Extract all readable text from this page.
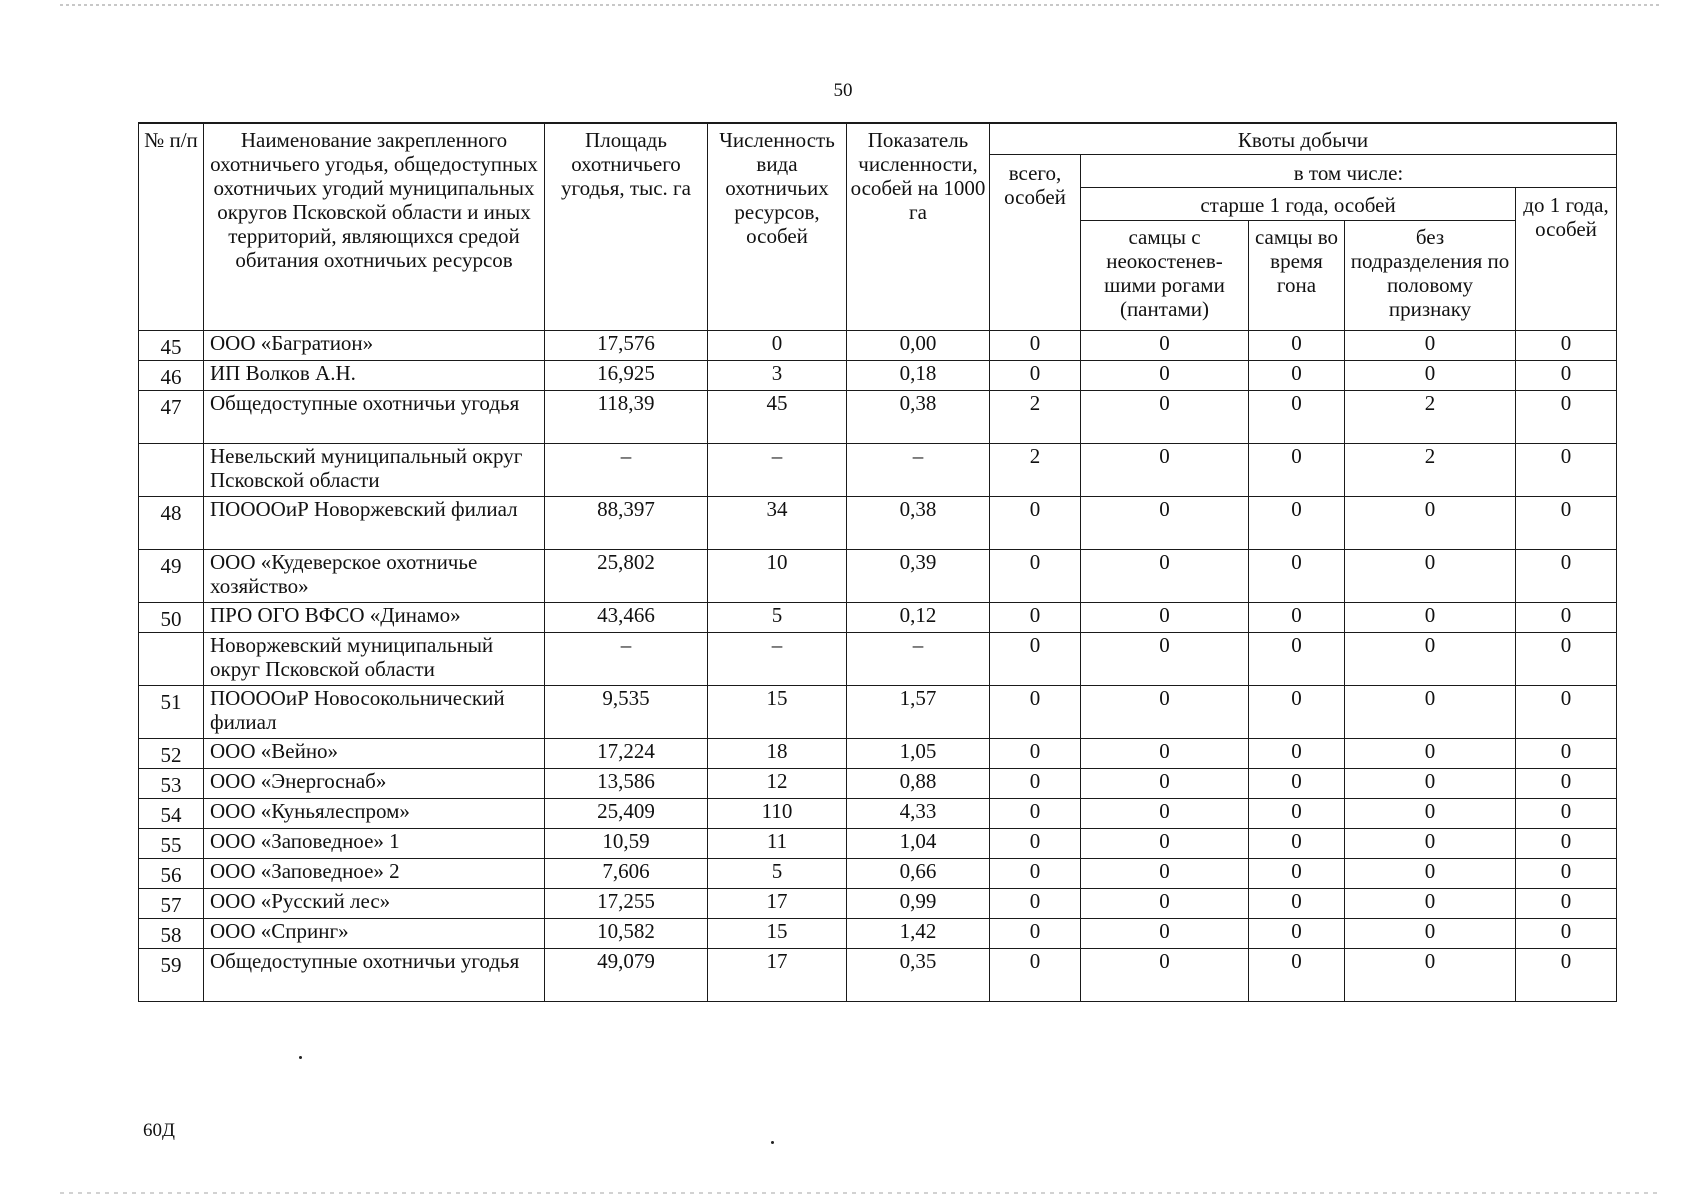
50
№ п/п	Наименование закрепленного охотничьего угодья, общедоступных охотничьих угодий муниципальных округов Псковской области и иных территорий, являющихся средой обитания охотничьих ресурсов	Площадь охотничьего угодья, тыс. га	Численность вида охотничьих ресурсов, особей	Показатель численности, особей на 1000 га	Квоты добычи				
					всего, особей	в том числе:			
						старше 1 года, особей			до 1 года, особей
						самцы с неокостенев-шими рогами (пантами)	самцы во время гона	без подразделения по половому признаку	
45	ООО «Багратион»	17,576	0	0,00	0	0	0	0	0
46	ИП Волков А.Н.	16,925	3	0,18	0	0	0	0	0
47	Общедоступные охотничьи угодья	118,39	45	0,38	2	0	0	2	0
	Невельский муниципальный округ Псковской области	–	–	–	2	0	0	2	0
48	ПООООиР Новоржевский филиал	88,397	34	0,38	0	0	0	0	0
49	ООО «Кудеверское охотничье хозяйство»	25,802	10	0,39	0	0	0	0	0
50	ПРО ОГО ВФСО «Динамо»	43,466	5	0,12	0	0	0	0	0
	Новоржевский муниципальный округ Псковской области	–	–	–	0	0	0	0	0
51	ПООООиР Новосокольнический филиал	9,535	15	1,57	0	0	0	0	0
52	ООО «Вейно»	17,224	18	1,05	0	0	0	0	0
53	ООО «Энергоснаб»	13,586	12	0,88	0	0	0	0	0
54	ООО «Куньялеспром»	25,409	110	4,33	0	0	0	0	0
55	ООО «Заповедное» 1	10,59	11	1,04	0	0	0	0	0
56	ООО «Заповедное» 2	7,606	5	0,66	0	0	0	0	0
57	ООО «Русский лес»	17,255	17	0,99	0	0	0	0	0
58	ООО «Спринг»	10,582	15	1,42	0	0	0	0	0
59	Общедоступные охотничьи угодья	49,079	17	0,35	0	0	0	0	0
60Д
